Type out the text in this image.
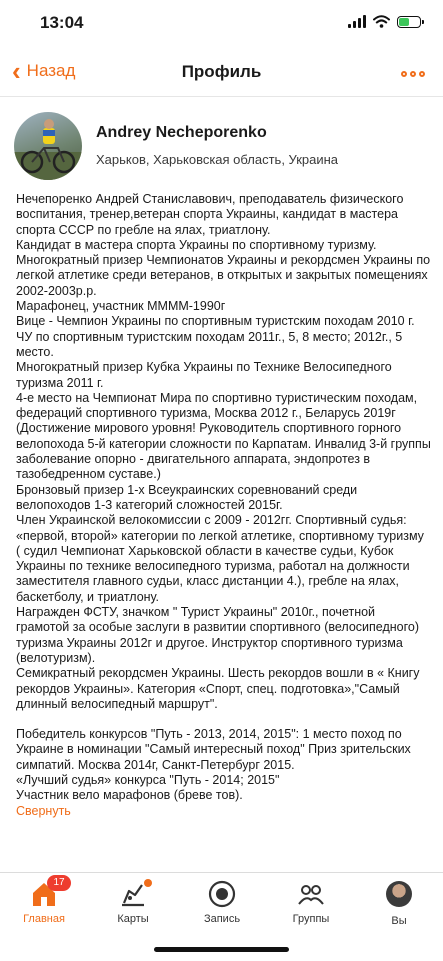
13:04
‹ Назад	Профиль
Andrey Necheporenko
Харьков, Харьковская область, Украина

Нечепоренко Андрей Станиславович, преподаватель физического воспитания, тренер,ветеран спорта Украины, кандидат в мастера спорта СССР по гребле на ялах, триатлону.

Кандидат в мастера спорта Украины по спортивному туризму.

Многократный призер Чемпионатов Украины и рекордсмен Украины по легкой атлетике среди ветеранов, в открытых и закрытых помещениях

2002-2003р.р.

Марафонец, участник ММММ-1990г

Вице - Чемпион Украины по спортивным туристским походам 2010 г. ЧУ по спортивным туристским походам 2011г., 5, 8 место; 2012г., 5 место.

Многократный призер Кубка Украины по Технике Велосипедного туризма 2011 г.

4-е место на Чемпионат Мира по спортивно туристическим походам, федераций спортивного туризма, Москва 2012 г., Беларусь 2019г (Достижение мирового уровня! Руководитель спортивного горного велопохода 5-й категории сложности по Карпатам. Инвалид 3-й группы заболевание опорно - двигательного аппарата, эндопротез в тазобедренном суставе.)

Бронзовый призер 1-х Всеукраинских соревнований среди велопоходов 1-3 категорий сложностей 2015г.

Член Украинской велокомиссии с 2009 - 2012гг. Спортивный судья: «первой, второй» категории по легкой атлетике, спортивному туризму ( судил Чемпионат Харьковской области в качестве судьи, Кубок Украины по технике велосипедного туризма, работал на должности заместителя главного судьи, класс дистанции 4.), гребле на ялах, баскетболу, и триатлону.

Награжден ФСТУ, значком " Турист Украины" 2010г., почетной грамотой за особые заслуги в развитии спортивного (велосипедного) туризма Украины 2012г и другое. Инструктор спортивного туризма (велотуризм).

Семикратный рекордсмен Украины. Шесть рекордов вошли в « Книгу рекордов Украины». Категория «Спорт, спец. подготовка»,"Самый длинный велосипедный маршрут".

Победитель конкурсов "Путь - 2013, 2014, 2015": 1 место поход по Украине в номинации "Самый интересный поход" Приз зрительских симпатий. Москва 2014г, Санкт-Петербург 2015.

«Лучший судья» конкурса "Путь - 2014; 2015"

Участник вело марафонов (бреве тов).

Свернуть

17
Главная	Карты	Запись	Группы	Вы
